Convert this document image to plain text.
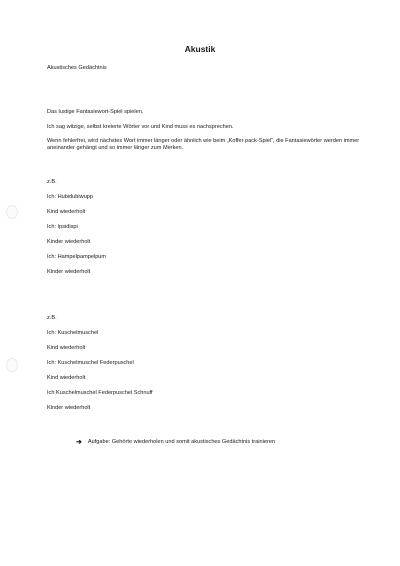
Akustik
Akustisches Gedächtnis
Das lustige Fantasiewort-Spiel spielen.
Ich sag witzige, selbst kreierte Wörter vor und Kind muss es nachsprechen.
Wenn fehlerfrei, wird nächstes Wort immer länger oder ähnlich wie beim „Koffer pack-Spiel“, die Fantasiewörter werden immer aneinander gehängt und so immer länger zum Merken.
z.B.
Ich: Hubidubiwupp
Kind wiederholt
Ich: Ipsidispi
Kinder wiederholt
Ich: Hampelpampelpum
Kinder wiederholt
z.B.
Ich: Kuschelmuschel
Kind wiederholt
Ich: Kuschelmuschel Federpuschel
Kind wiederholt
Ich Kuschelmuschel Federpuschel Schnuff
Kinder wiederholt
➔ Aufgabe: Gehörte wiederholen und somit akustisches Gedächtnis trainieren
